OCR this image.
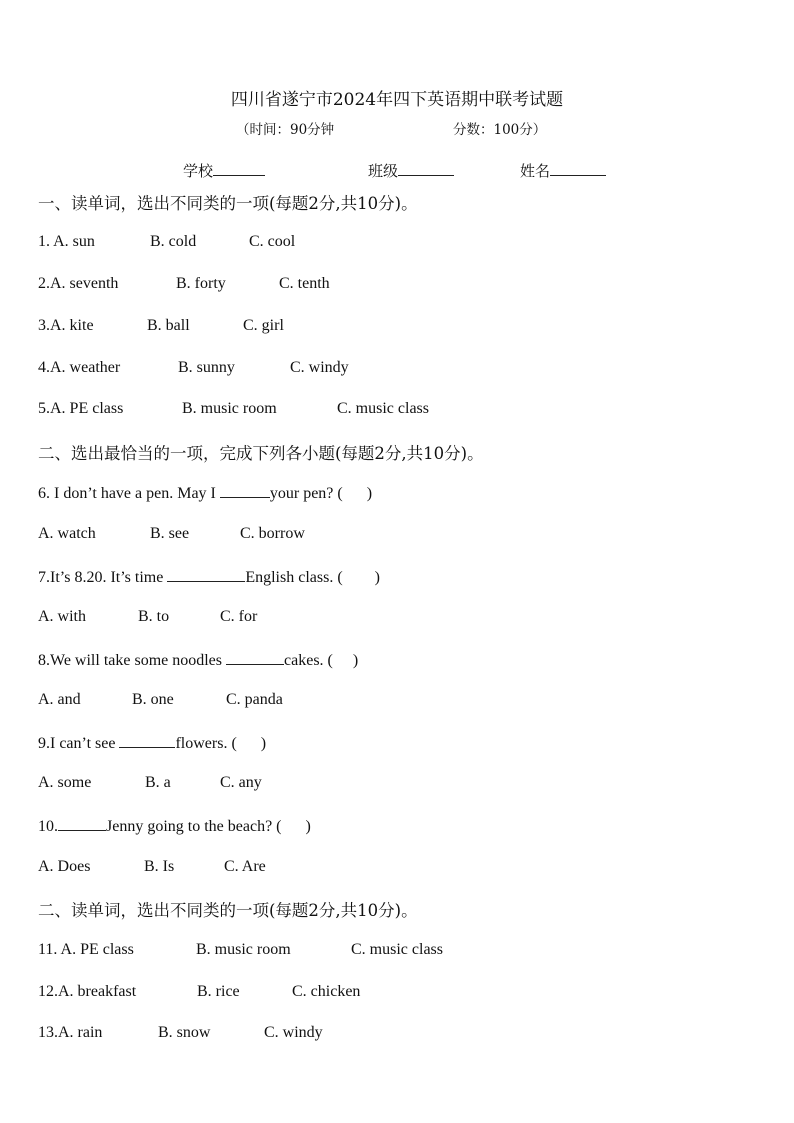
四川省遂宁市2024年四下英语期中联考试题
（时间：90分钟	分数：100分）
学校	班级	姓名
一、读单词，选出不同类的一项(每题2分,共10分)。
1. A. sun	B. cold	C. cool
2.A. seventh	B. forty	C. tenth
3.A. kite	B. ball	C. girl
4.A. weather	B. sunny	C. windy
5.A. PE class	B. music room	C. music class
二、选出最恰当的一项，完成下列各小题(每题2分,共10分)。
6. I don’t have a pen. May I	your pen? ( )
A. watch	B. see	C. borrow
7.It’s 8.20. It’s time	English class. ( )
A. with	B. to	C. for
8.We will take some noodles	cakes. ( )
A. and	B. one	C. panda
9.I can’t see	flowers. ( )
A. some	B. a	C. any
10.	Jenny going to the beach? ( )
A. Does	B. Is	C. Are
二、读单词，选出不同类的一项(每题2分,共10分)。
11. A. PE class	B. music room	C. music class
12.A. breakfast	B. rice	C. chicken
13.A. rain	B. snow	C. windy
